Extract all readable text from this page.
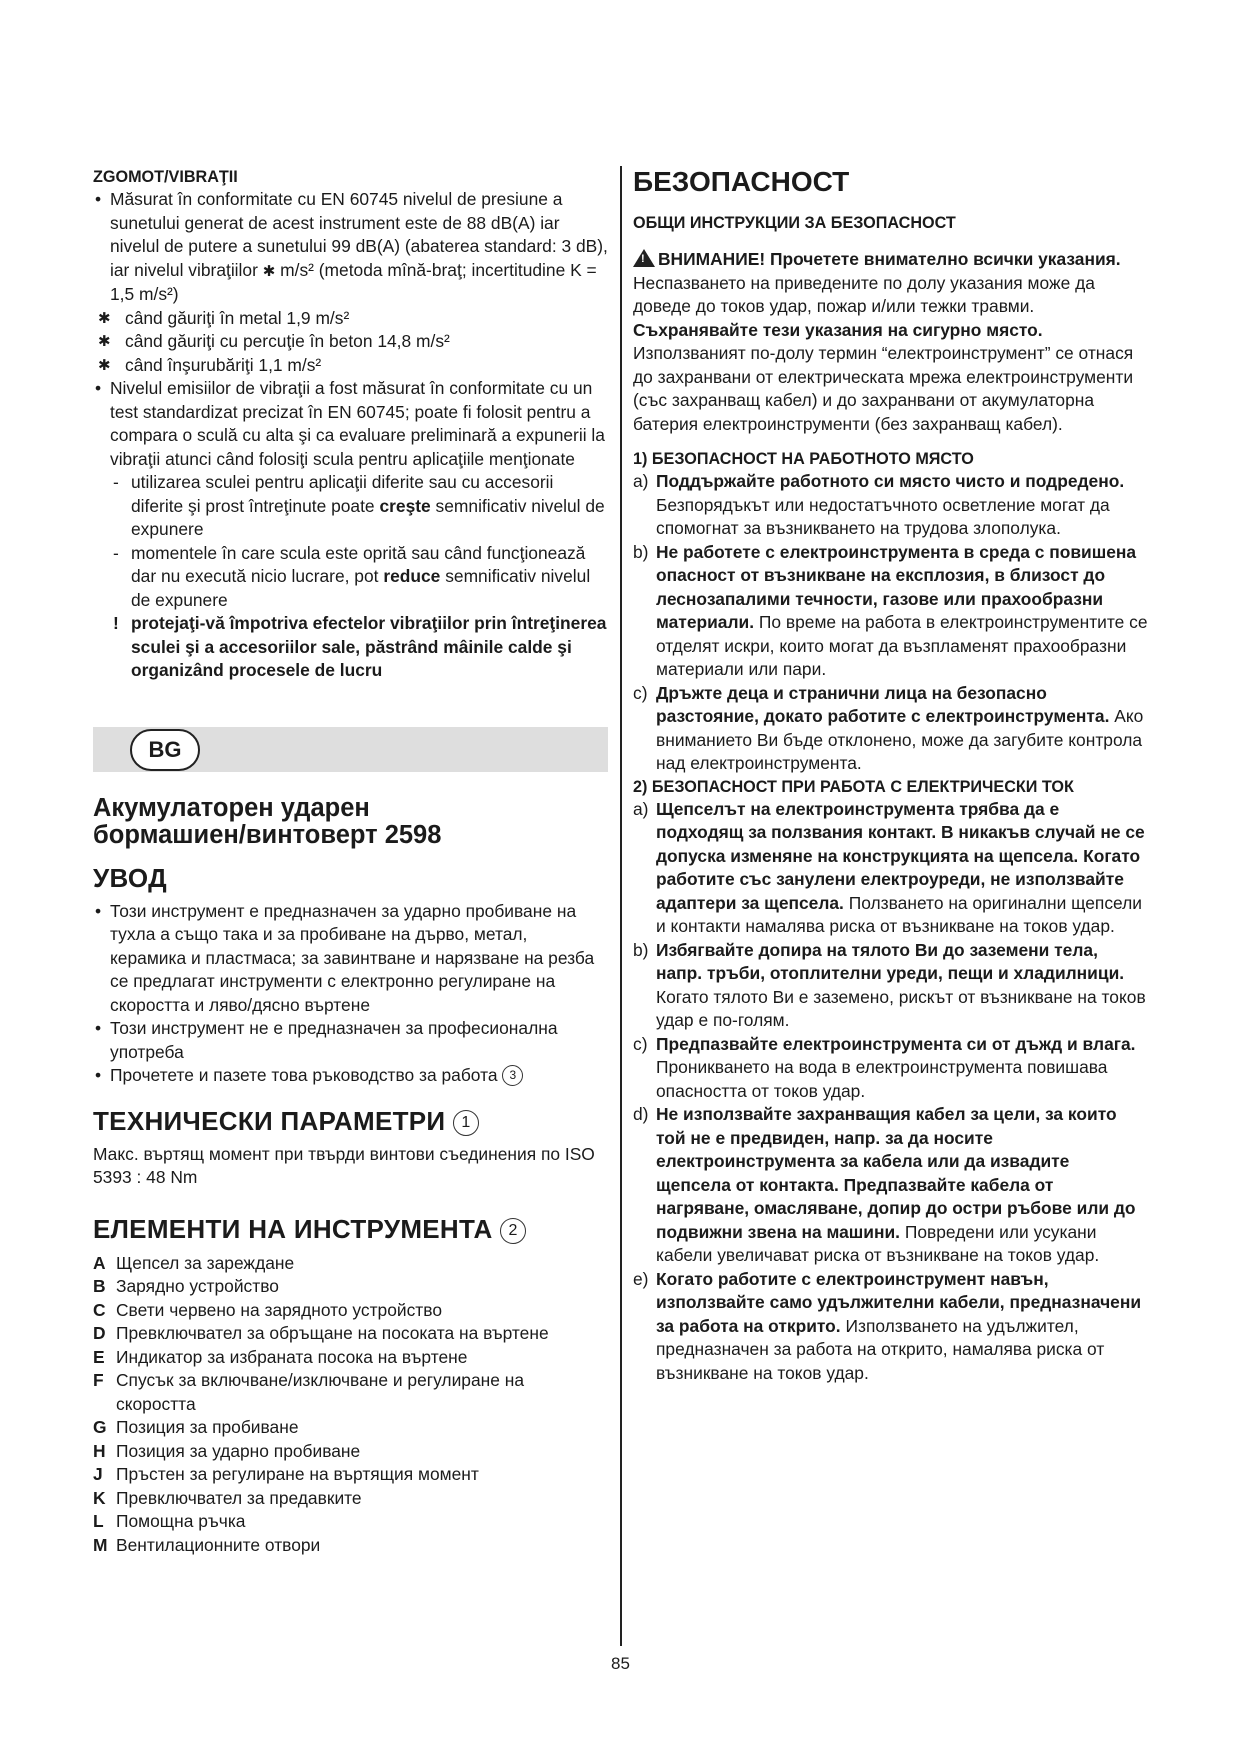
ZGOMOT/VIBRAŢII
• Măsurat în conformitate cu EN 60745 nivelul de presiune a sunetului generat de acest instrument este de 88 dB(A) iar nivelul de putere a sunetului 99 dB(A) (abaterea standard: 3 dB), iar nivelul vibraţiilor ✱ m/s² (metoda mînă-braţ; incertitudine K = 1,5 m/s²)
✱ când găuriţi în metal 1,9 m/s²
✱ când găuriţi cu percuţie în beton 14,8 m/s²
✱ când înşurubăriţi 1,1 m/s²
• Nivelul emisiilor de vibraţii a fost măsurat în conformitate cu un test standardizat precizat în EN 60745; poate fi folosit pentru a compara o sculă cu alta şi ca evaluare preliminară a expunerii la vibraţii atunci când folosiţi scula pentru aplicaţiile menţionate
- utilizarea sculei pentru aplicaţii diferite sau cu accesorii diferite şi prost întreţinute poate creşte semnificativ nivelul de expunere
- momentele în care scula este oprită sau când funcţionează dar nu execută nicio lucrare, pot reduce semnificativ nivelul de expunere
! protejaţi-vă împotriva efectelor vibraţiilor prin întreţinerea sculei şi a accesoriilor sale, păstrând mâinile calde şi organizând procesele de lucru
BG
Акумулаторен ударен
бормашиен/винтоверт 2598
УВОД
• Този инструмент е предназначен за ударно пробиване на тухла а също така и за пробиване на дърво, метал, керамика и пластмаса; за завинтване и нарязване на резба се предлагат инструменти с електронно регулиране на скоростта и ляво/дясно въртене
• Този инструмент не е предназначен за професионална употреба
• Прочетете и пазете това ръководство за работа 3
ТЕХНИЧЕСКИ ПАРАМЕТРИ 1
Макс. въртящ момент при твърди винтови съединения по ISO 5393 : 48 Nm
ЕЛЕМЕНТИ НА ИНСТРУМЕНТА 2
A Щепсел за зареждане
B Зарядно устройство
C Свети червено на зарядното устройство
D Превключвател за обръщане на посоката на въртене
E Индикатор за избраната посока на въртене
F Спусък за включване/изключване и регулиране на скоростта
G Позиция за пробиване
H Позиция за ударно пробиване
J Пръстен за регулиране на въртящия момент
K Превключвател за предавките
L Помощна ръчка
M Вентилационните отвори
БЕЗОПАСНОСТ
ОБЩИ ИНСТРУКЦИИ ЗА БЕЗОПАСНОСТ
!ВНИМАНИЕ! Прочетете внимателно всички указания. Неспазването на приведените по долу указания може да доведе до токов удар, пожар и/или тежки травми. Съхранявайте тези указания на сигурно място. Използваният по-долу термин “електроинструмент” се отнася до захранвани от електрическата мрежа електроинструменти (със захранващ кабел) и до захранвани от акумулаторна батерия електроинструменти (без захранващ кабел).
1) БЕЗОПАСНОСТ НА РАБОТНОТО МЯСТО
a) Поддържайте работното си място чисто и подредено. Безпорядъкът или недостатъчното осветление могат да спомогнат за възникването на трудова злополука.
b) Не работете с електроинструмента в среда с повишена опасност от възникване на експлозия, в близост до леснозапалими течности, газове или прахообразни материали. По време на работа в електроинструментите се отделят искри, които могат да възпламенят прахообразни материали или пари.
c) Дръжте деца и странични лица на безопасно разстояние, докато работите с електроинструмента. Ако вниманието Ви бъде отклонено, може да загубите контрола над електроинструмента.
2) БЕЗОПАСНОСТ ПРИ РАБОТА С ЕЛЕКТРИЧЕСКИ ТОК
a) Щепселът на електроинструмента трябва да е подходящ за ползвания контакт. В никакъв случай не се допуска изменяне на конструкцията на щепсела. Когато работите със занулени електроуреди, не използвайте адаптери за щепсела. Ползването на оригинални щепсели и контакти намалява риска от възникване на токов удар.
b) Избягвайте допира на тялото Ви до заземени тела, напр. тръби, отоплителни уреди, пещи и хладилници. Когато тялото Ви е заземено, рискът от възникване на токов удар е по-голям.
c) Предпазвайте електроинструмента си от дъжд и влага. Проникването на вода в електроинструмента повишава опасността от токов удар.
d) Не използвайте захранващия кабел за цели, за които той не е предвиден, напр. за да носите електроинструмента за кабела или да извадите щепсела от контакта. Предпазвайте кабела от нагряване, омасляване, допир до остри ръбове или до подвижни звена на машини. Повредени или усукани кабели увеличават риска от възникване на токов удар.
e) Когато работите с електроинструмент навън, използвайте само удължителни кабели, предназначени за работа на открито. Използването на удължител, предназначен за работа на открито, намалява риска от възникване на токов удар.
85
